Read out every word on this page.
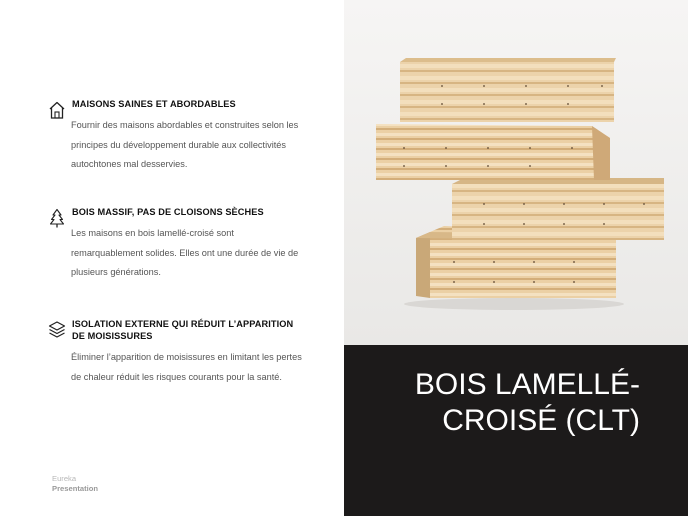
MAISONS SAINES ET ABORDABLES

Fournir des maisons abordables et construites selon les principes du développement durable aux collectivités autochtones mal desservies.

BOIS MASSIF, PAS DE CLOISONS SÈCHES

Les maisons en bois lamellé-croisé sont remarquablement solides. Elles ont une durée de vie de plusieurs générations.

ISOLATION EXTERNE QUI RÉDUIT L’APPARITION DE MOISISSURES

Éliminer l’apparition de moisissures en limitant les pertes de chaleur réduit les risques courants pour la santé.

Eureka
Presentation
BOIS LAMELLÉ-CROISÉ (CLT)
